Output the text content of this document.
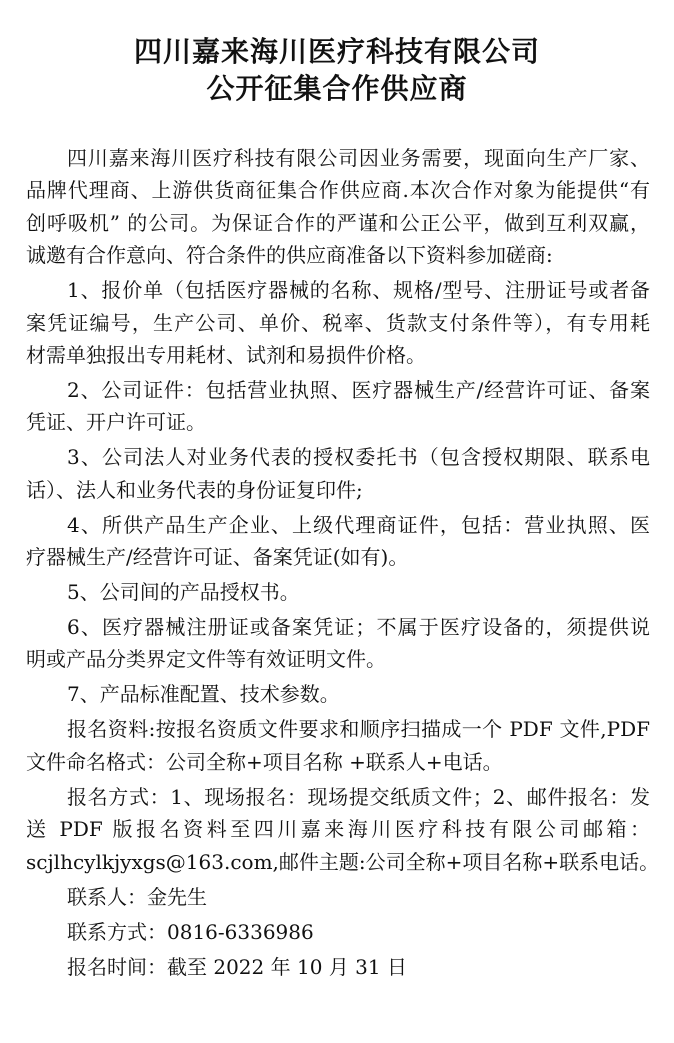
四川嘉来海川医疗科技有限公司
公开征集合作供应商
四川嘉来海川医疗科技有限公司因业务需要，现面向生产厂家、
品牌代理商、上游供货商征集合作供应商.本次合作对象为能提供“有
创呼吸机” 的公司。为保证合作的严谨和公正公平，做到互利双赢，
诚邀有合作意向、符合条件的供应商准备以下资料参加磋商:
1、报价单（包括医疗器械的名称、规格/型号、注册证号或者备
案凭证编号，生产公司、单价、税率、货款支付条件等），有专用耗
材需单独报出专用耗材、试剂和易损件价格。
2、公司证件：包括营业执照、医疗器械生产/经营许可证、备案
凭证、开户许可证。
3、公司法人对业务代表的授权委托书（包含授权期限、联系电
话）、法人和业务代表的身份证复印件;
4、所供产品生产企业、上级代理商证件，包括：营业执照、医
疗器械生产/经营许可证、备案凭证(如有)。
5、公司间的产品授权书。
6、医疗器械注册证或备案凭证；不属于医疗设备的，须提供说
明或产品分类界定文件等有效证明文件。
7、产品标准配置、技术参数。
报名资料:按报名资质文件要求和顺序扫描成一个 PDF 文件,PDF
文件命名格式：公司全称+项目名称 +联系人+电话。
报名方式：1、现场报名：现场提交纸质文件；2、邮件报名：发
送 PDF 版报名资料至四川嘉来海川医疗科技有限公司邮箱：
scjlhcylkjyxgs@163.com,邮件主题:公司全称+项目名称+联系电话。
联系人：金先生
联系方式：0816-6336986
报名时间：截至 2022 年 10 月 31 日
